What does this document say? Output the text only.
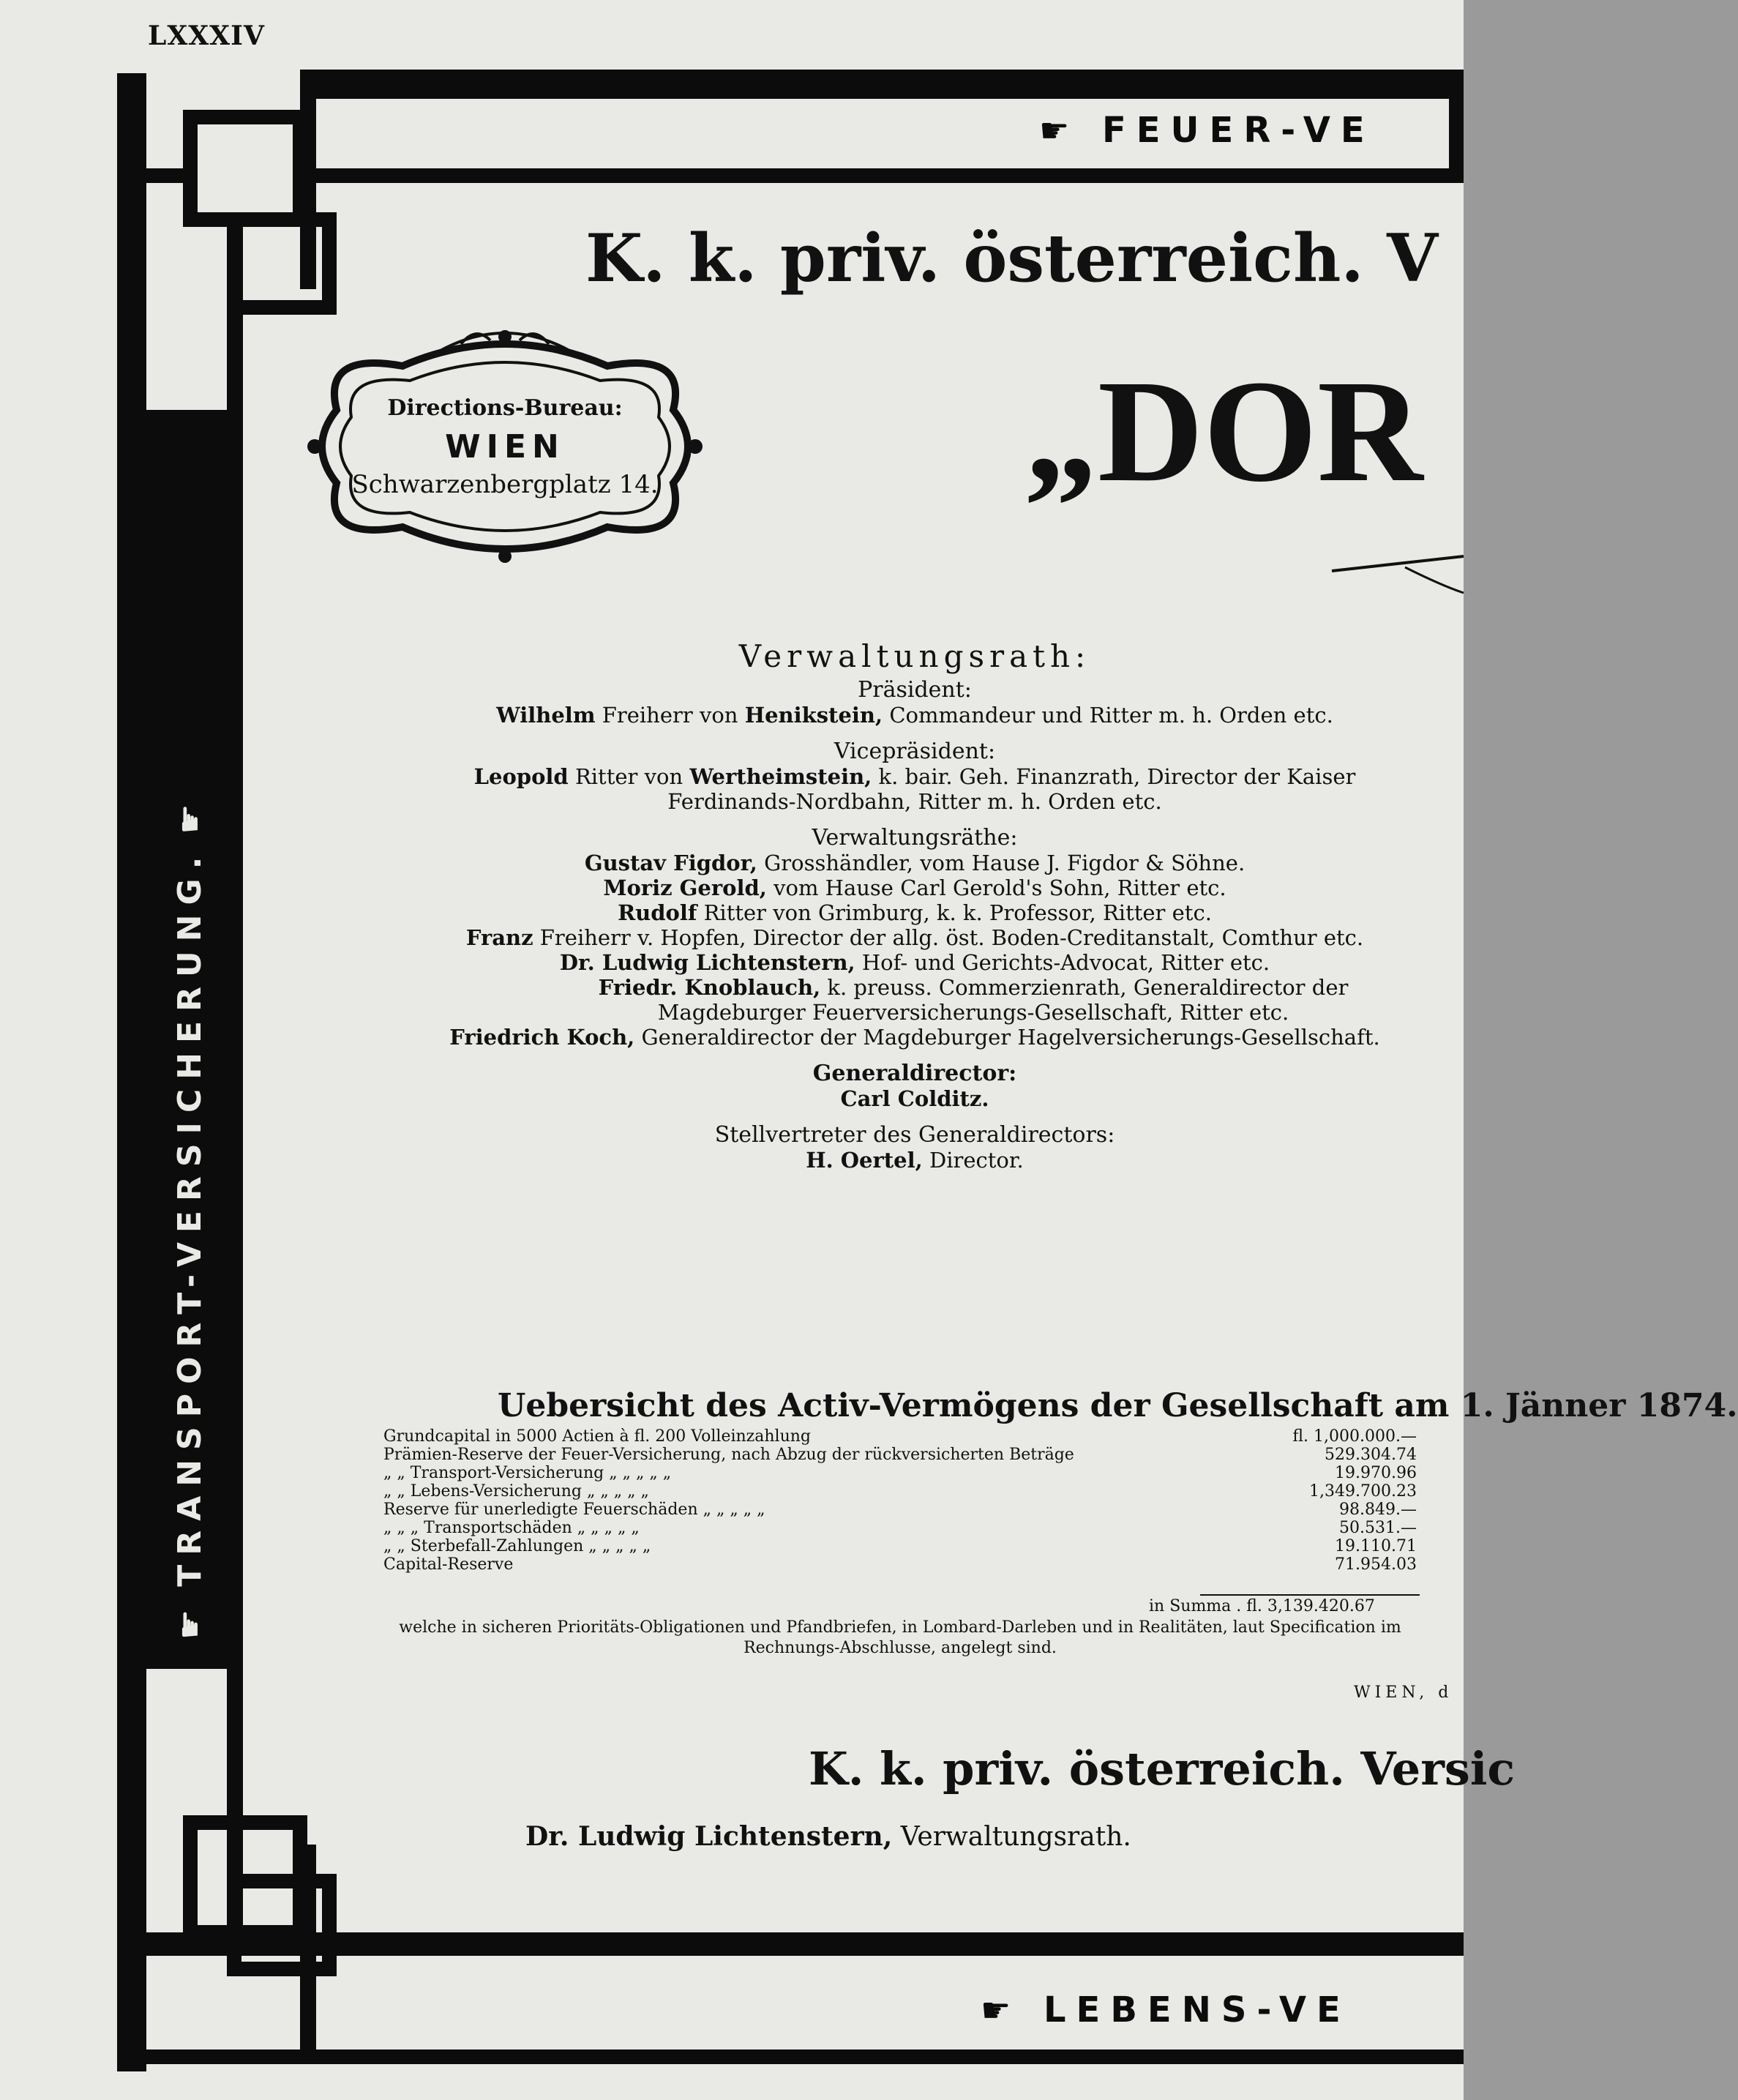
LXXXIV
☛ FEUER-VE
☛ LEBENS-VE
☛
TRANSPORT-VERSICHERUNG.
☛
K. k. priv. österreich. V
„DOR
Directions-Bureau:
WIEN
Schwarzenbergplatz 14.
Verwaltungsrath:
Präsident:
Wilhelm Freiherr von Henikstein, Commandeur und Ritter m. h. Orden etc.
Vicepräsident:
Leopold Ritter von Wertheimstein, k. bair. Geh. Finanzrath, Director der Kaiser
Ferdinands-Nordbahn, Ritter m. h. Orden etc.
Verwaltungsräthe:
Gustav Figdor, Grosshändler, vom Hause J. Figdor & Söhne.
Moriz Gerold, vom Hause Carl Gerold's Sohn, Ritter etc.
Rudolf Ritter von Grimburg, k. k. Professor, Ritter etc.
Franz Freiherr v. Hopfen, Director der allg. öst. Boden-Creditanstalt, Comthur etc.
Dr. Ludwig Lichtenstern, Hof- und Gerichts-Advocat, Ritter etc.
Friedr. Knoblauch, k. preuss. Commerzienrath, Generaldirector der Magdeburger Feuerversicherungs-Gesellschaft, Ritter etc.
Friedrich Koch, Generaldirector der Magdeburger Hagelversicherungs-Gesellschaft.
Generaldirector:
Carl Colditz.
Stellvertreter des Generaldirectors:
H. Oertel, Director.
Uebersicht des Activ-Vermögens der Gesellschaft am 1. Jänner 1874.
Grundcapital in 5000 Actien à fl. 200 Volleinzahlung	fl. 1,000.000.—
Prämien-Reserve der Feuer-Versicherung, nach Abzug der rückversicherten Beträge	529.304.74
„ „ Transport-Versicherung „ „ „ „ „	19.970.96
„ „ Lebens-Versicherung „ „ „ „ „	1,349.700.23
Reserve für unerledigte Feuerschäden „ „ „ „ „	98.849.—
„ „ „ Transportschäden „ „ „ „ „	50.531.—
„ „ Sterbefall-Zahlungen „ „ „ „ „	19.110.71
Capital-Reserve	71.954.03
in Summa . fl. 3,139.420.67
welche in sicheren Prioritäts-Obligationen und Pfandbriefen, in Lombard-Darleben und in Realitäten, laut Specification im Rechnungs-Abschlusse, angelegt sind.
WIEN, d
K. k. priv. österreich. Versic
Dr. Ludwig Lichtenstern, Verwaltungsrath.
